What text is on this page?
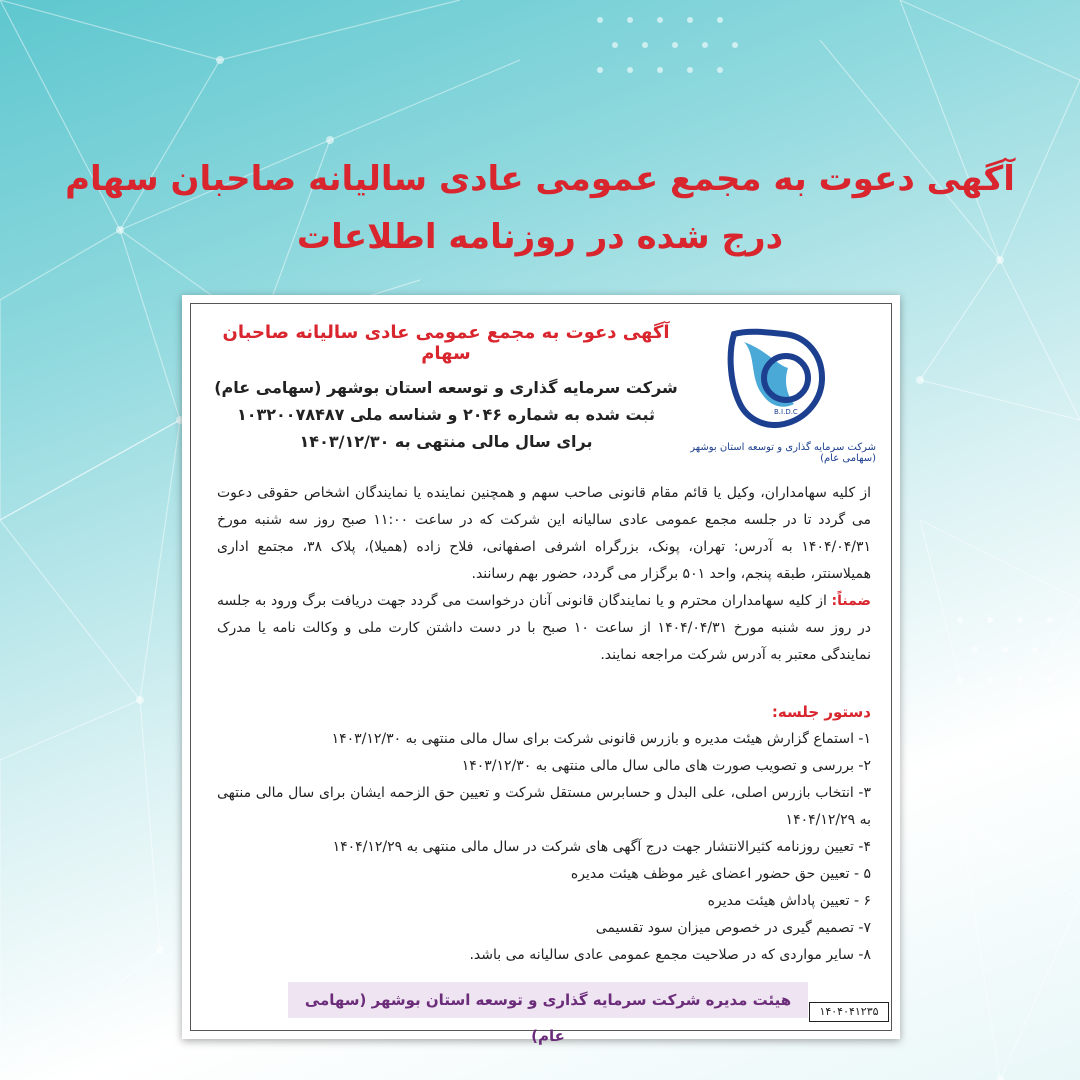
آگهی دعوت به مجمع عمومی عادی سالیانه صاحبان سهام
درج شده در روزنامه اطلاعات
B.I.D.C
شرکت سرمایه گذاری و توسعه استان بوشهر (سهامی عام)
آگهی دعوت به مجمع عمومی عادی سالیانه صاحبان سهام
شرکت سرمایه گذاری و توسعه استان بوشهر (سهامی عام)
ثبت شده به شماره ۲۰۴۶ و شناسه ملی ۱۰۳۲۰۰۷۸۴۸۷
برای سال مالی منتهی به ۱۴۰۳/۱۲/۳۰

از کلیه سهامداران، وکیل یا قائم مقام قانونی صاحب سهم و همچنین نماینده یا نمایندگان اشخاص حقوقی دعوت می گردد تا در جلسه مجمع عمومی عادی سالیانه این شرکت که در ساعت ۱۱:۰۰ صبح روز سه شنبه مورخ ۱۴۰۴/۰۴/۳۱ به آدرس: تهران، پونک، بزرگراه اشرفی اصفهانی، فلاح زاده (همیلا)، پلاک ۳۸، مجتمع اداری همیلاسنتر، طبقه پنجم، واحد ۵۰۱ برگزار می گردد، حضور بهم رسانند.

ضمناً: از کلیه سهامداران محترم و یا نمایندگان قانونی آنان درخواست می گردد جهت دریافت برگ ورود به جلسه در روز سه شنبه مورخ ۱۴۰۴/۰۴/۳۱ از ساعت ۱۰ صبح با در دست داشتن کارت ملی و وکالت نامه یا مدرک نمایندگی معتبر به آدرس شرکت مراجعه نمایند.

دستور جلسه:

۱- استماع گزارش هیئت مدیره و بازرس قانونی شرکت برای سال مالی منتهی به ۱۴۰۳/۱۲/۳۰
۲- بررسی و تصویب صورت های مالی سال مالی منتهی به ۱۴۰۳/۱۲/۳۰
۳- انتخاب بازرس اصلی، علی البدل و حسابرس مستقل شرکت و تعیین حق الزحمه ایشان برای سال مالی منتهی به ۱۴۰۴/۱۲/۲۹
۴- تعیین روزنامه کثیرالانتشار جهت درج آگهی های شرکت در سال مالی منتهی به ۱۴۰۴/۱۲/۲۹
۵ - تعیین حق حضور اعضای غیر موظف هیئت مدیره
۶ - تعیین پاداش هیئت مدیره
۷- تصمیم گیری در خصوص میزان سود تقسیمی
۸- سایر مواردی که در صلاحیت مجمع عمومی عادی سالیانه می باشد.
هیئت مدیره شرکت سرمایه گذاری و توسعه استان بوشهر (سهامی عام)
۱۴۰۴۰۴۱۲۳۵
